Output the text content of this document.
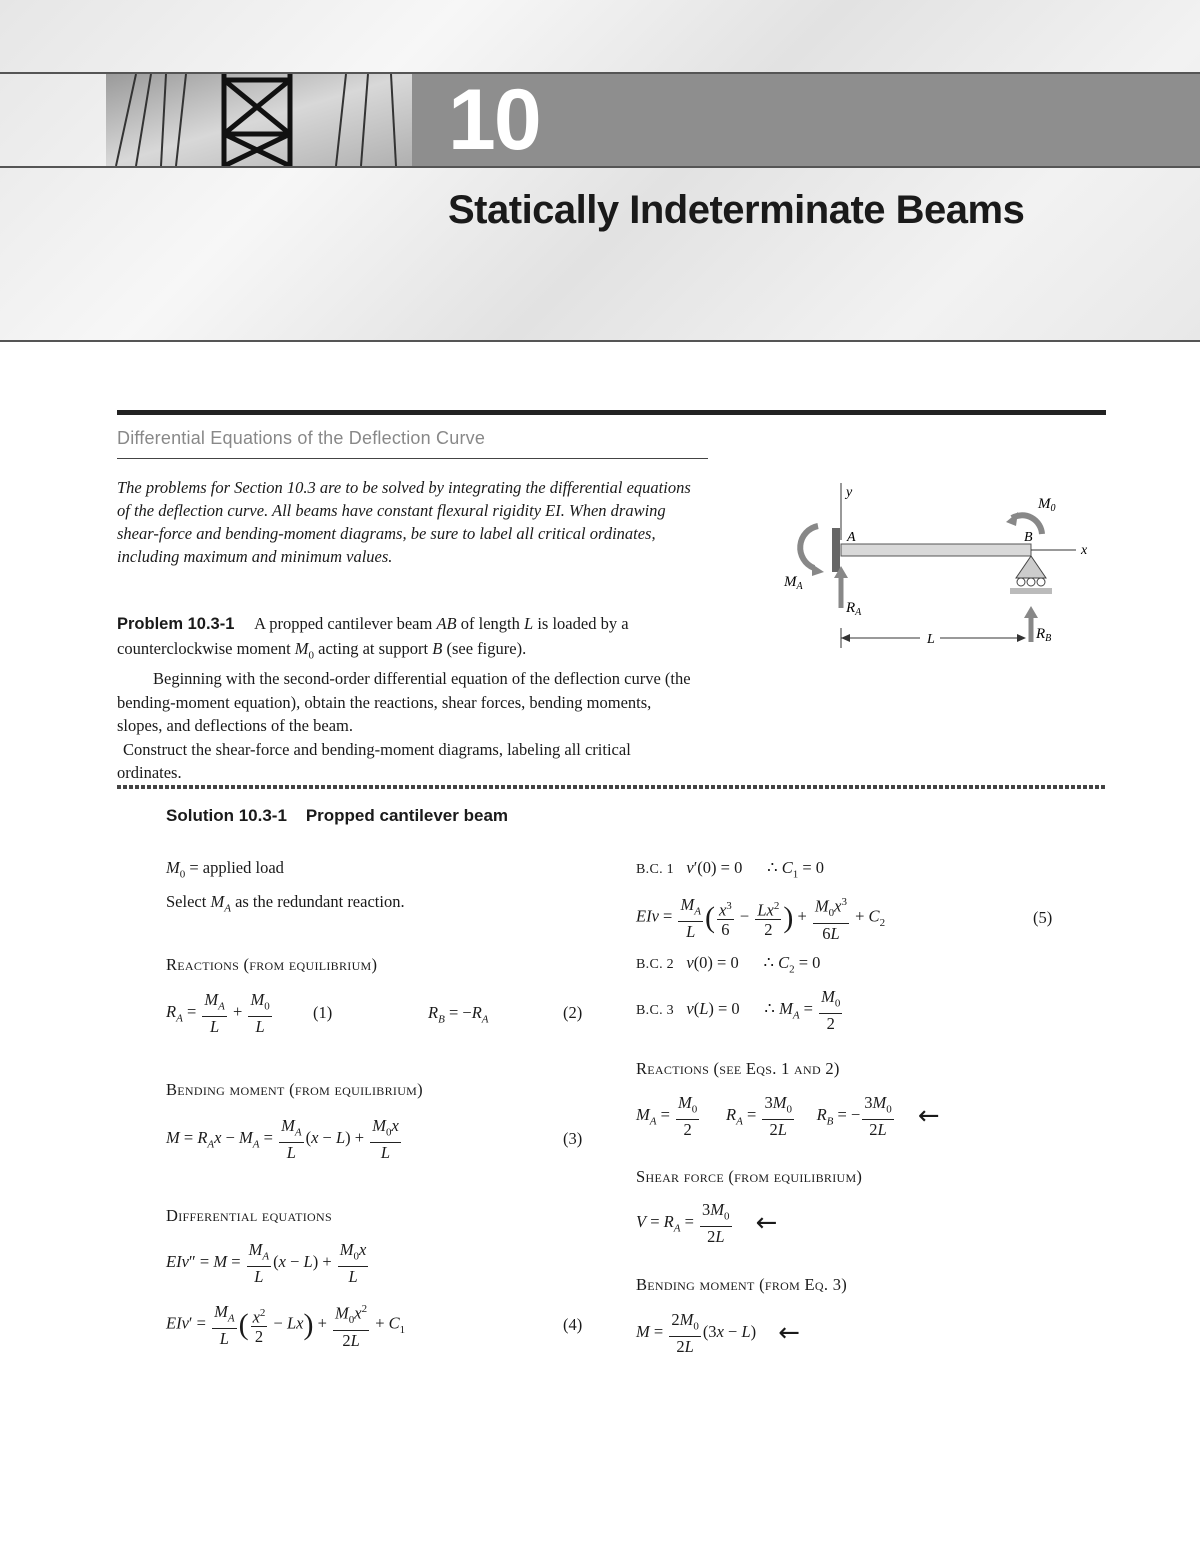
10
Statically Indeterminate Beams
Differential Equations of the Deflection Curve
The problems for Section 10.3 are to be solved by integrating the differential equations of the deflection curve. All beams have constant flexural rigidity EI. When drawing shear-force and bending-moment diagrams, be sure to label all critical ordinates, including maximum and minimum values.
Problem 10.3-1 A propped cantilever beam AB of length L is loaded by a counterclockwise moment $M_0$ acting at support B (see figure).
Beginning with the second-order differential equation of the deflection curve (the bending-moment equation), obtain the reactions, shear forces, bending moments, slopes, and deflections of the beam.
Construct the shear-force and bending-moment diagrams, labeling all critical ordinates.
y
x
A	B
$M_0$
$M_A$
$R_A$
$R_B$
L
Solution 10.3-1 Propped cantilever beam
$M_0$ = applied load
Select $M_A$ as the redundant reaction.
Reactions (from equilibrium)
$R_A = \frac{M_A}{L} + \frac{M_0}{L}$	(1)	$R_B = -R_A$	(2)
Bending moment (from equilibrium)
$M = R_Ax - M_A = \frac{M_A}{L} (x - L) + \frac{M_0x}{L}$	(3)
Differential equations
$EIv'' = M = \frac{M_A}{L} (x - L) + \frac{M_0x}{L}$
$EIv' = \frac{M_A}{L}$ ( $\frac{x^2}{2} - Lx) + \frac{M_0x^2}{2L} + C_1$	(4)
B.C. 1 v′(0) = 0      ∴ $C_1 = 0$
EIv = $\frac{M_A}{L}$ ( $\frac{x^3}{6} - \frac{Lx^2}{2}$ ) + $\frac{M_0x^3}{6L} + C_2$	(5)
B.C. 2 v(0) = 0      ∴ $C_2 = 0$
B.C. 3 v(L) = 0      ∴ $M_A = \frac{M_0}{2}$
Reactions (see Eqs. 1 and 2)
$M_A = \frac{M_0}{2} R_A = \frac{3M_0}{2L} R_B$ = − $\frac{3M_0}{2L}$ ←
Shear force (from equilibrium)
$V = R_A = \frac{3M_0}{2L}$ ←
Bending moment (from Eq. 3)
$M = \frac{2M_0}{2L} (3x - L)$ ←
